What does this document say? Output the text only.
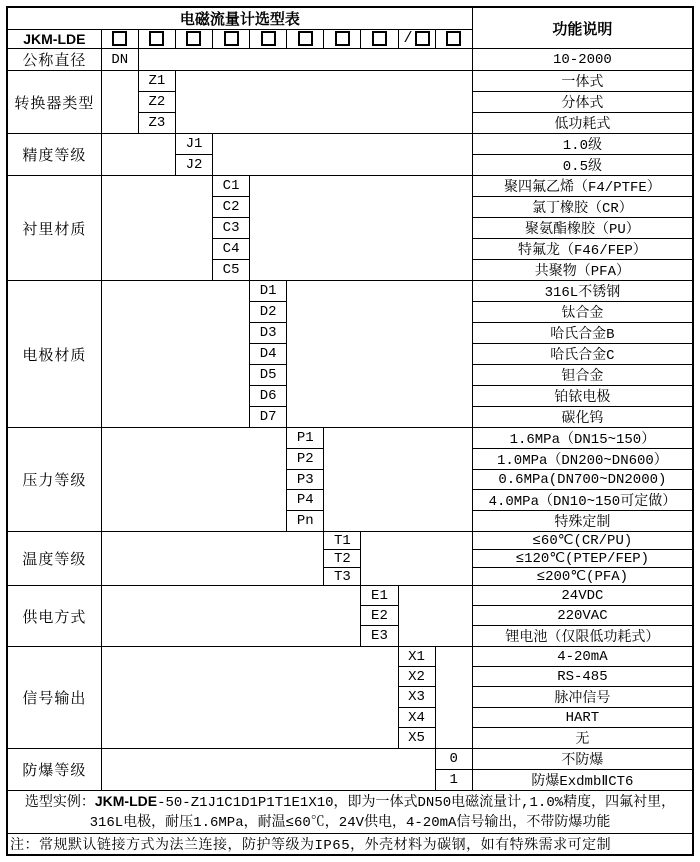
电磁流量计选型表											功能说明
JKM-LDE									/		
公称直径	DN										10-2000
转换器类型		Z1									一体式
		Z2									分体式
		Z3									低功耗式
精度等级			J1								1.0级
			J2								0.5级
衬里材质				C1							聚四氟乙烯（F4/PTFE）
				C2							氯丁橡胶（CR）
				C3							聚氨酯橡胶（PU）
				C4							特氟龙（F46/FEP）
				C5							共聚物（PFA）
电极材质					D1						316L不锈钢
					D2						钛合金
					D3						哈氏合金B
					D4						哈氏合金C
					D5						钽合金
					D6						铂铱电极
					D7						碳化钨
压力等级						P1					1.6MPa（DN15~150）
						P2					1.0MPa（DN200~DN600）
						P3					0.6MPa(DN700~DN2000)
						P4					4.0MPa（DN10~150可定做）
						Pn					特殊定制
温度等级							T1				≤60℃(CR/PU)
							T2				≤120℃(PTEP/FEP)
							T3				≤200℃(PFA)
供电方式								E1			24VDC
								E2			220VAC
								E3			锂电池（仅限低功耗式）
信号输出									X1		4-20mA
									X2		RS-485
									X3		脉冲信号
									X4		HART
									X5		无
防爆等级										0	不防爆
										1	防爆ExdmbⅡCT6
选型实例：JKM-LDE-50-Z1J1C1D1P1T1E1X10，即为一体式DN50电磁流量计,1.0%精度，四氟衬里，
316L电极，耐压1.6MPa，耐温≤60℃，24V供电，4-20mA信号输出，不带防爆功能											
注：常规默认链接方式为法兰连接，防护等级为IP65，外壳材料为碳钢，如有特殊需求可定制											
